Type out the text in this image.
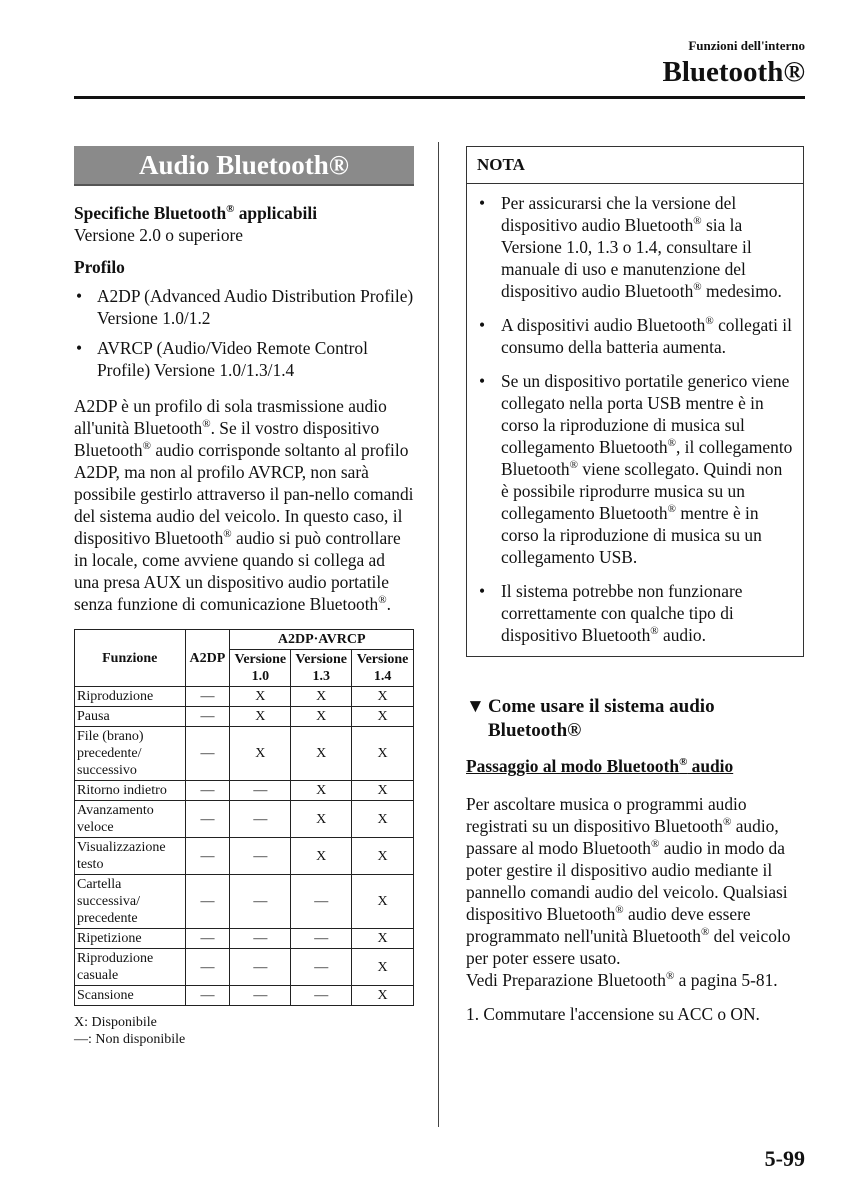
Funzioni dell'interno
Bluetooth®
Audio Bluetooth®

Specifiche Bluetooth® applicabili

Versione 2.0 o superiore

Profilo

• A2DP (Advanced Audio Distribution Profile) Versione 1.0/1.2
• AVRCP (Audio/Video Remote Control Profile) Versione 1.0/1.3/1.4

A2DP è un profilo di sola trasmissione audio all'unità Bluetooth®. Se il vostro dispositivo Bluetooth® audio corrisponde soltanto al profilo A2DP, ma non al profilo AVRCP, non sarà possibile gestirlo attraverso il pan-nello comandi del sistema audio del veicolo. In questo caso, il dispositivo Bluetooth® audio si può controllare in locale, come avviene quando si collega ad una presa AUX un dispositivo audio portatile senza funzione di comunicazione Bluetooth®.

Funzione	A2DP	A2DP·AVRCP		
		Versione 1.0	Versione 1.3	Versione 1.4
Riproduzione	—	X	X	X
Pausa	—	X	X	X
File (brano) precedente/ successivo	—	X	X	X
Ritorno indietro	—	—	X	X
Avanzamento veloce	—	—	X	X
Visualizzazione testo	—	—	X	X
Cartella successiva/ precedente	—	—	—	X
Ripetizione	—	—	—	X
Riproduzione casuale	—	—	—	X
Scansione	—	—	—	X
X: Disponibile
—: Non disponibile
NOTA
• Per assicurarsi che la versione del dispositivo audio Bluetooth® sia la Versione 1.0, 1.3 o 1.4, consultare il manuale di uso e manutenzione del dispositivo audio Bluetooth® medesimo.
• A dispositivi audio Bluetooth® collegati il consumo della batteria aumenta.
• Se un dispositivo portatile generico viene collegato nella porta USB mentre è in corso la riproduzione di musica sul collegamento Bluetooth®, il collegamento Bluetooth® viene scollegato. Quindi non è possibile riprodurre musica su un collegamento Bluetooth® mentre è in corso la riproduzione di musica su un collegamento USB.
• Il sistema potrebbe non funzionare correttamente con qualche tipo di dispositivo Bluetooth® audio.
▼ Come usare il sistema audio Bluetooth®
Passaggio al modo Bluetooth® audio

Per ascoltare musica o programmi audio registrati su un dispositivo Bluetooth® audio, passare al modo Bluetooth® audio in modo da poter gestire il dispositivo audio mediante il pannello comandi audio del veicolo. Qualsiasi dispositivo Bluetooth® audio deve essere programmato nell'unità Bluetooth® del veicolo per poter essere usato.
Vedi Preparazione Bluetooth® a pagina 5-81.

1. Commutare l'accensione su ACC o ON.

5-99
